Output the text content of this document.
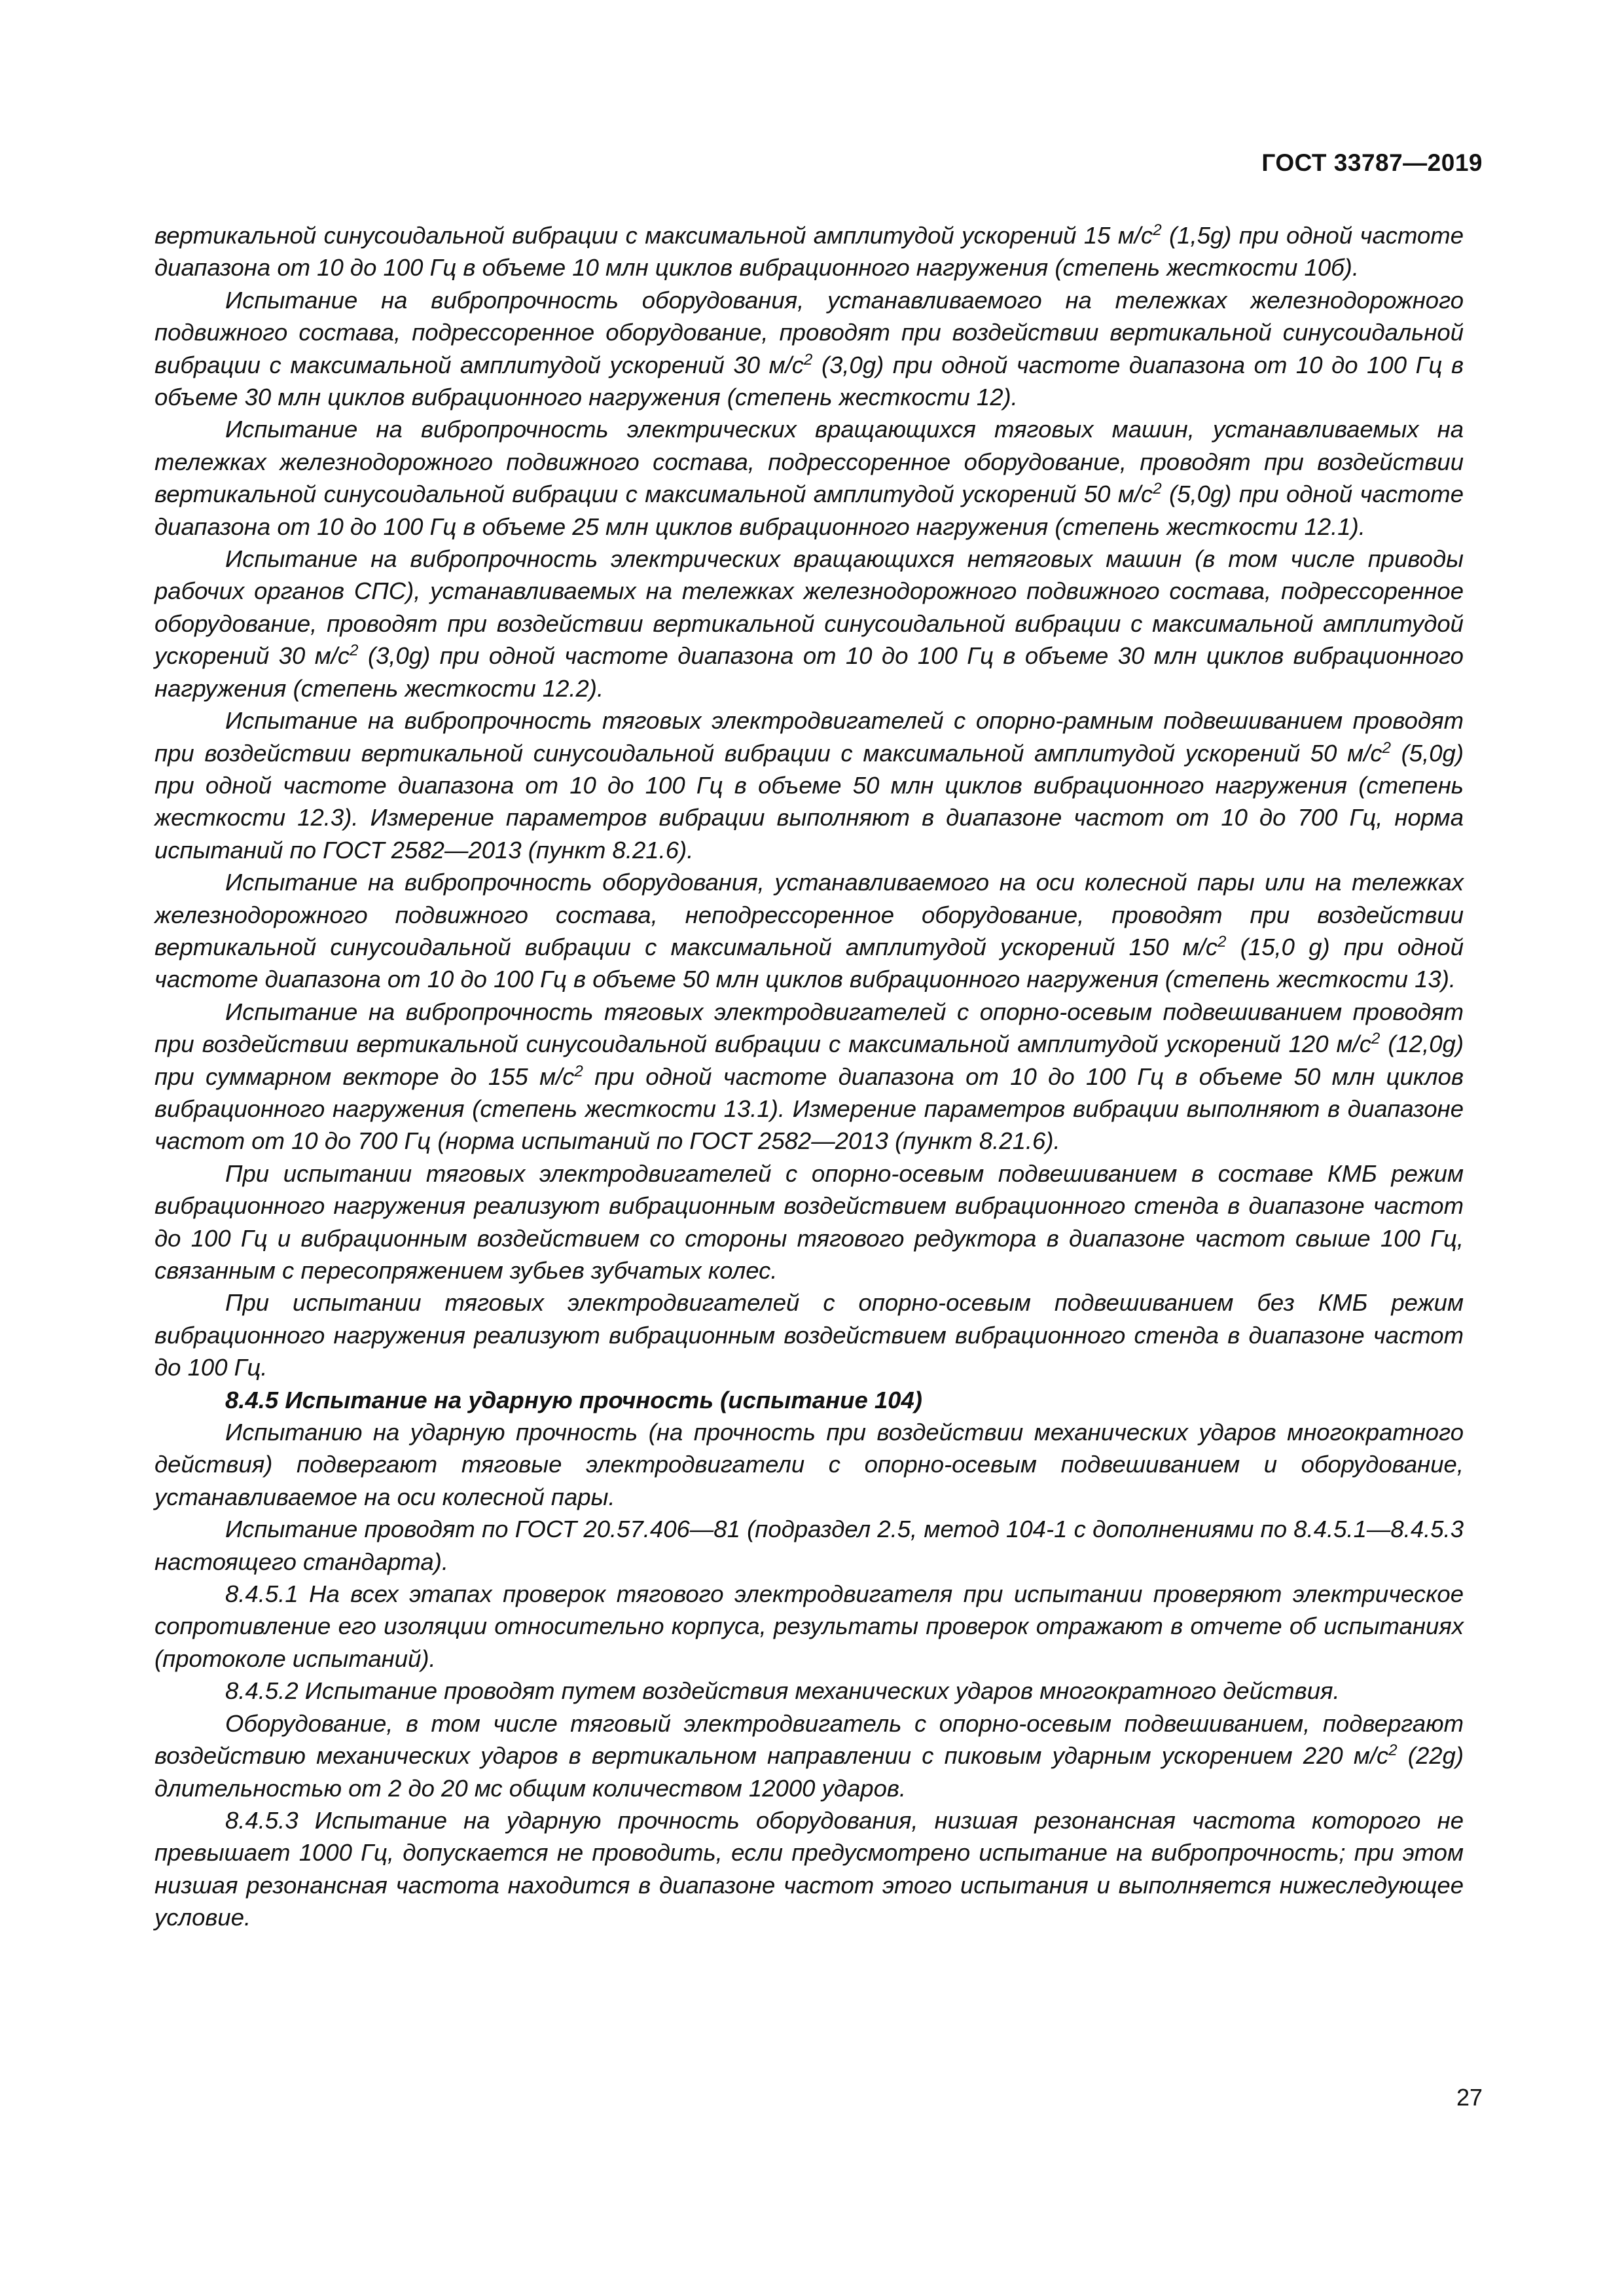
ГОСТ 33787—2019

вертикальной синусоидальной вибрации с максимальной амплитудой ускорений 15 $м/с^2$ (1,5g) при одной частоте диапазона от 10 до 100 Гц в объеме 10 млн циклов вибрационного нагружения (степень жесткости 10б).

Испытание на вибропрочность оборудования, устанавливаемого на тележках железнодорожного подвижного состава, подрессоренное оборудование, проводят при воздействии вертикальной синусоидальной вибрации с максимальной амплитудой ускорений 30 $м/с^2$ (3,0g) при одной частоте диапазона от 10 до 100 Гц в объеме 30 млн циклов вибрационного нагружения (степень жесткости 12).

Испытание на вибропрочность электрических вращающихся тяговых машин, устанавливаемых на тележках железнодорожного подвижного состава, подрессоренное оборудование, проводят при воздействии вертикальной синусоидальной вибрации с максимальной амплитудой ускорений 50 $м/с^2$ (5,0g) при одной частоте диапазона от 10 до 100 Гц в объеме 25 млн циклов вибрационного нагружения (степень жесткости 12.1).

Испытание на вибропрочность электрических вращающихся нетяговых машин (в том числе приводы рабочих органов СПС), устанавливаемых на тележках железнодорожного подвижного состава, подрессоренное оборудование, проводят при воздействии вертикальной синусоидальной вибрации с максимальной амплитудой ускорений 30 $м/с^2$ (3,0g) при одной частоте диапазона от 10 до 100 Гц в объеме 30 млн циклов вибрационного нагружения (степень жесткости 12.2).

Испытание на вибропрочность тяговых электродвигателей с опорно-рамным подвешиванием проводят при воздействии вертикальной синусоидальной вибрации с максимальной амплитудой ускорений 50 $м/с^2$ (5,0g) при одной частоте диапазона от 10 до 100 Гц в объеме 50 млн циклов вибрационного нагружения (степень жесткости 12.3). Измерение параметров вибрации выполняют в диапазоне частот от 10 до 700 Гц, норма испытаний по ГОСТ 2582—2013 (пункт 8.21.6).

Испытание на вибропрочность оборудования, устанавливаемого на оси колесной пары или на тележках железнодорожного подвижного состава, неподрессоренное оборудование, проводят при воздействии вертикальной синусоидальной вибрации с максимальной амплитудой ускорений 150 $м/с^2$ (15,0 g) при одной частоте диапазона от 10 до 100 Гц в объеме 50 млн циклов вибрационного нагружения (степень жесткости 13).

Испытание на вибропрочность тяговых электродвигателей с опорно-осевым подвешиванием проводят при воздействии вертикальной синусоидальной вибрации с максимальной амплитудой ускорений 120 $м/с^2$ (12,0g) при суммарном векторе до 155 $м/с^2$ при одной частоте диапазона от 10 до 100 Гц в объеме 50 млн циклов вибрационного нагружения (степень жесткости 13.1). Измерение параметров вибрации выполняют в диапазоне частот от 10 до 700 Гц (норма испытаний по ГОСТ 2582—2013 (пункт 8.21.6).

При испытании тяговых электродвигателей с опорно-осевым подвешиванием в составе КМБ режим вибрационного нагружения реализуют вибрационным воздействием вибрационного стенда в диапазоне частот до 100 Гц и вибрационным воздействием со стороны тягового редуктора в диапазоне частот свыше 100 Гц, связанным с пересопряжением зубьев зубчатых колес.

При испытании тяговых электродвигателей с опорно-осевым подвешиванием без КМБ режим вибрационного нагружения реализуют вибрационным воздействием вибрационного стенда в диапазоне частот до 100 Гц.

8.4.5 Испытание на ударную прочность (испытание 104)

Испытанию на ударную прочность (на прочность при воздействии механических ударов многократного действия) подвергают тяговые электродвигатели с опорно-осевым подвешиванием и оборудование, устанавливаемое на оси колесной пары.

Испытание проводят по ГОСТ 20.57.406—81 (подраздел 2.5, метод 104-1 с дополнениями по 8.4.5.1—8.4.5.3 настоящего стандарта).

8.4.5.1 На всех этапах проверок тягового электродвигателя при испытании проверяют электрическое сопротивление его изоляции относительно корпуса, результаты проверок отражают в отчете об испытаниях (протоколе испытаний).

8.4.5.2 Испытание проводят путем воздействия механических ударов многократного действия.

Оборудование, в том числе тяговый электродвигатель с опорно-осевым подвешиванием, подвергают воздействию механических ударов в вертикальном направлении с пиковым ударным ускорением 220 $м/с^2$ (22g) длительностью от 2 до 20 мс общим количеством 12000 ударов.

8.4.5.3 Испытание на ударную прочность оборудования, низшая резонансная частота которого не превышает 1000 Гц, допускается не проводить, если предусмотрено испытание на вибропрочность; при этом низшая резонансная частота находится в диапазоне частот этого испытания и выполняется нижеследующее условие.

27
